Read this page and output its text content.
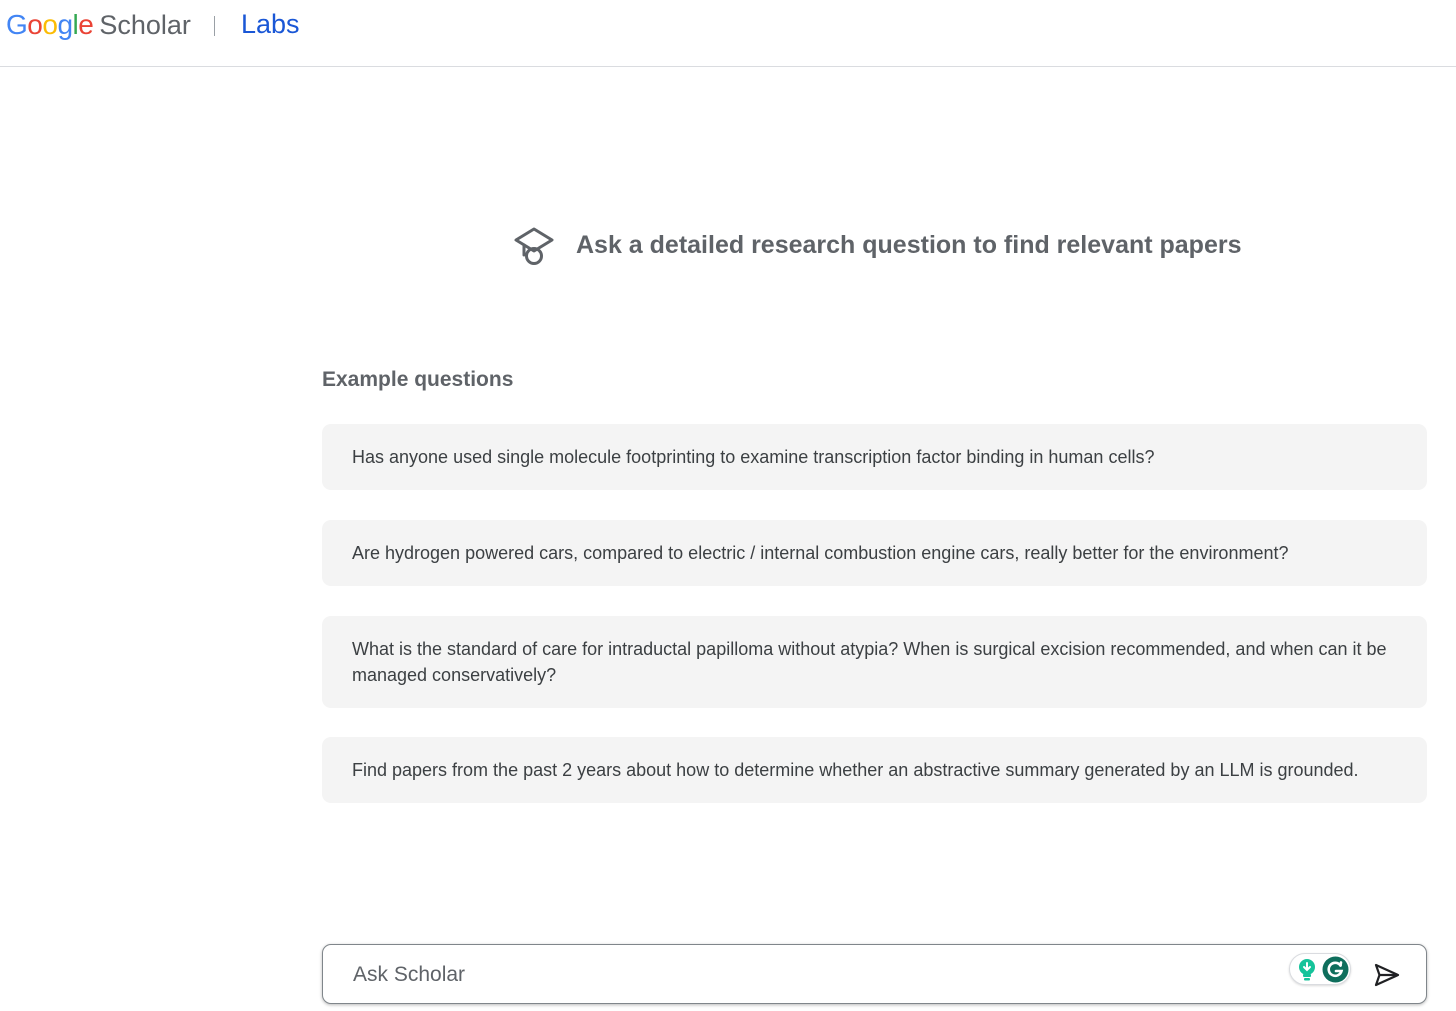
Google Scholar Labs
Ask a detailed research question to find relevant papers
Example questions
Has anyone used single molecule footprinting to examine transcription factor binding in human cells?
Are hydrogen powered cars, compared to electric / internal combustion engine cars, really better for the environment?
What is the standard of care for intraductal papilloma without atypia? When is surgical excision recommended, and when can it be managed conservatively?
Find papers from the past 2 years about how to determine whether an abstractive summary generated by an LLM is grounded.
Ask Scholar
